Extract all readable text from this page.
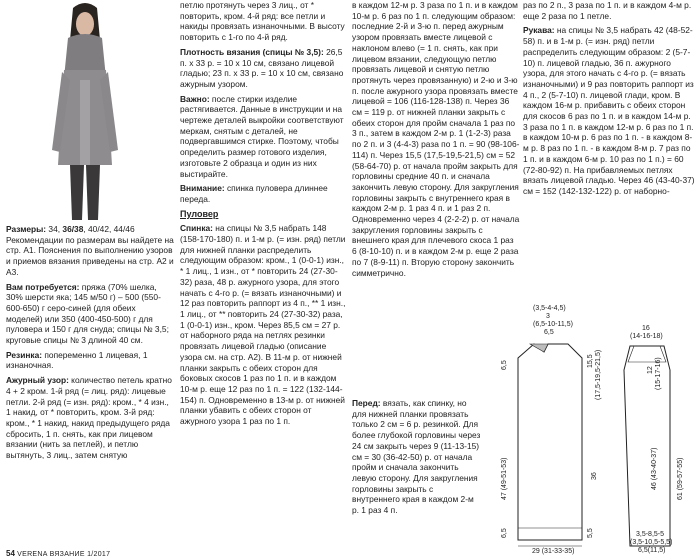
Размеры: 34, 36/38, 40/42, 44/46
Рекомендации по размерам вы найдете на стр. А1. Пояснения по выполнению узоров и приемов вязания приведены на стр. А2 и А3.

Вам потребуется: пряжа (70% шелка, 30% шерсти яка; 145 м/50 г) – 500 (550-600-650) г серо-синей (для обеих моделей) или 350 (400-450-500) г для пуловера и 150 г для снуда; спицы № 3,5; круговые спицы № 3 длиной 40 см.

Резинка: попеременно 1 лицевая, 1 изнаночная.

Ажурный узор: количество петель кратно 4 + 2 кром. 1-й ряд (= лиц. ряд): лицевые петли. 2-й ряд (= изн. ряд): кром., * 4 изн., 1 накид, от * повторить, кром. 3-й ряд: кром., * 1 накид, накид предыдущего ряда сбросить, 1 п. снять, как при лицевом вязании (нить за петлей), и петлю вытянуть, 3 лиц., затем снятую

петлю протянуть через 3 лиц., от * повторить, кром. 4-й ряд: все петли и накиды провязать изнаночными. В высоту повторить с 1-го по 4-й ряд.

Плотность вязания (спицы № 3,5): 26,5 п. х 33 р. = 10 х 10 см, связано лицевой гладью; 23 п. х 33 р. = 10 х 10 см, связано ажурным узором.

Важно: после стирки изделие растягивается. Данные в инструкции и на чертеже деталей выкройки соответствуют меркам, снятым с деталей, не подвергавшимся стирке. Поэтому, чтобы определить размер готового изделия, изготовьте 2 образца и один из них выстирайте.

Внимание: спинка пуловера длиннее переда.

Пуловер

Спинка: на спицы № 3,5 набрать 148 (158-170-180) п. и 1-м р. (= изн. ряд) петли для нижней планки распределить следующим образом: кром., 1 (0-0-1) изн., * 1 лиц., 1 изн., от * повторить 24 (27-30-32) раза, 48 р. ажурного узора, для этого начать с 4-го р. (= вязать изнаночными) и 12 раз повторить раппорт из 4 п., ** 1 изн., 1 лиц., от ** повторить 24 (27-30-32) раза, 1 (0-0-1) изн., кром. Через 85,5 см = 27 р. от наборного ряда на петлях резинки провязать лицевой гладью (описание узора см. на стр. А2). В 11-м р. от нижней планки закрыть с обеих сторон для боковых скосов 1 раз по 1 п. и в каждом 10-м р. еще 12 раз по 1 п. = 122 (132-144-154) п. Одновременно в 13-м р. от нижней планки убавить с обеих сторон от ажурного узора 1 раз по 1 п.

в каждом 12-м р. 3 раза по 1 п. и в каждом 10-м р. 6 раз по 1 п. следующим образом: последние 2-й и 3-ю п. перед ажурным узором провязать вместе лицевой с наклоном влево (= 1 п. снять, как при лицевом вязании, следующую петлю провязать лицевой и снятую петлю протянуть через провязанную) и 2-ю и 3-ю п. после ажурного узора провязать вместе лицевой = 106 (116-128-138) п. Через 36 см = 119 р. от нижней планки закрыть с обеих сторон для пройм сначала 1 раз по 3 п., затем в каждом 2-м р. 1 (1-2-3) раза по 2 п. и 3 (4-4-3) раза по 1 п. = 90 (98-106-114) п. Через 15,5 (17,5-19,5-21,5) см = 52 (58-64-70) р. от начала пройм закрыть для горловины средние 40 п. и сначала закончить левую сторону. Для закругления горловины закрыть с внутреннего края в каждом 2-м р. 1 раз 4 п. и 1 раз 2 п. Одновременно через 4 (2-2-2) р. от начала закругления горловины закрыть с внешнего края для плечевого скоса 1 раз 6 (8-10-10) п. и в каждом 2-м р. еще 2 раза по 7 (8-9-11) п. Вторую сторону закончить симметрично.

Перед: вязать, как спинку, но для нижней планки провязать только 2 см = 6 р. резинкой. Для более глубокой горловины через 24 см закрыть через 9 (11-13-15) см = 30 (36-42-50) р. от начала пройм и сначала закончить левую сторону. Для закругления горловины закрыть с внутреннего края в каждом 2-м р. 1 раз 4 п.

раз по 2 п., 3 раза по 1 п. и в каждом 4-м р. еще 2 раза по 1 петле.

Рукава: на спицы № 3,5 набрать 42 (48-52-58) п. и в 1-м р. (= изн. ряд) петли распределить следующим образом: 2 (5-7-10) п. лицевой гладью, 36 п. ажурного узора, для этого начать с 4-го р. (= вязать изнаночными) и 9 раз повторить раппорт из 4 п., 2 (5-7-10) п. лицевой глади, кром. В каждом 16-м р. прибавить с обеих сторон для скосов 6 раз по 1 п. и в каждом 14-м р. 3 раза по 1 п. в каждом 12-м р. 6 раз по 1 п. в каждом 10-м р. 6 раз по 1 п. - в каждом 8-м р. 8 раз по 1 п. - в каждом 8-м р. 7 раз по 1 п. и в каждом 6-м р. 10 раз по 1 п.) = 60 (72-80-92) п. На прибавляемых петлях вязать лицевой гладью. Через 46 (43-40-37) см = 152 (142-132-122) р. от наборно-

29 (31-33-35)
(3,5-4-4,5)
3
(6,5-10-11,5)
6,5
6,5
47 (49-51-53)
6,5
15,5 (17,5-19,5-21,5)
36
5,5
16
(14-16-18)
12 (15-17-16)
46 (43-40-37)	61 (59-57-55)
3,5-8,5-5
(3,5-10,5-5,5)
6,5(11,5)
54 VERENA ВЯЗАНИЕ 1/2017
